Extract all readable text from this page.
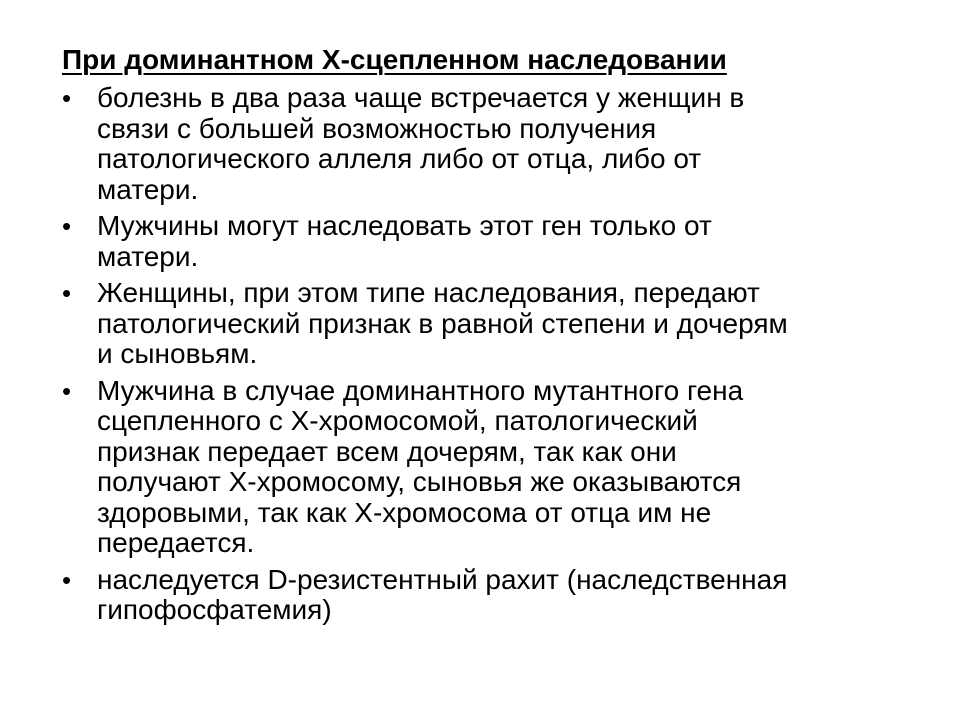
При доминантном X-сцепленном наследовании
• болезнь в два раза чаще встречается у женщин в
связи с большей возможностью получения
патологического аллеля либо от отца, либо от
матери.
• Мужчины могут наследовать этот ген только от
матери.
• Женщины, при этом типе наследования, передают
патологический признак в равной степени и дочерям
и сыновьям.
• Мужчина в случае доминантного мутантного гена
сцепленного с X-хромосомой, патологический
признак передает всем дочерям, так как они
получают X-хромосому, сыновья же оказываются
здоровыми, так как X-хромосома от отца им не
передается.
• наследуется D-резистентный рахит (наследственная
гипофосфатемия)
